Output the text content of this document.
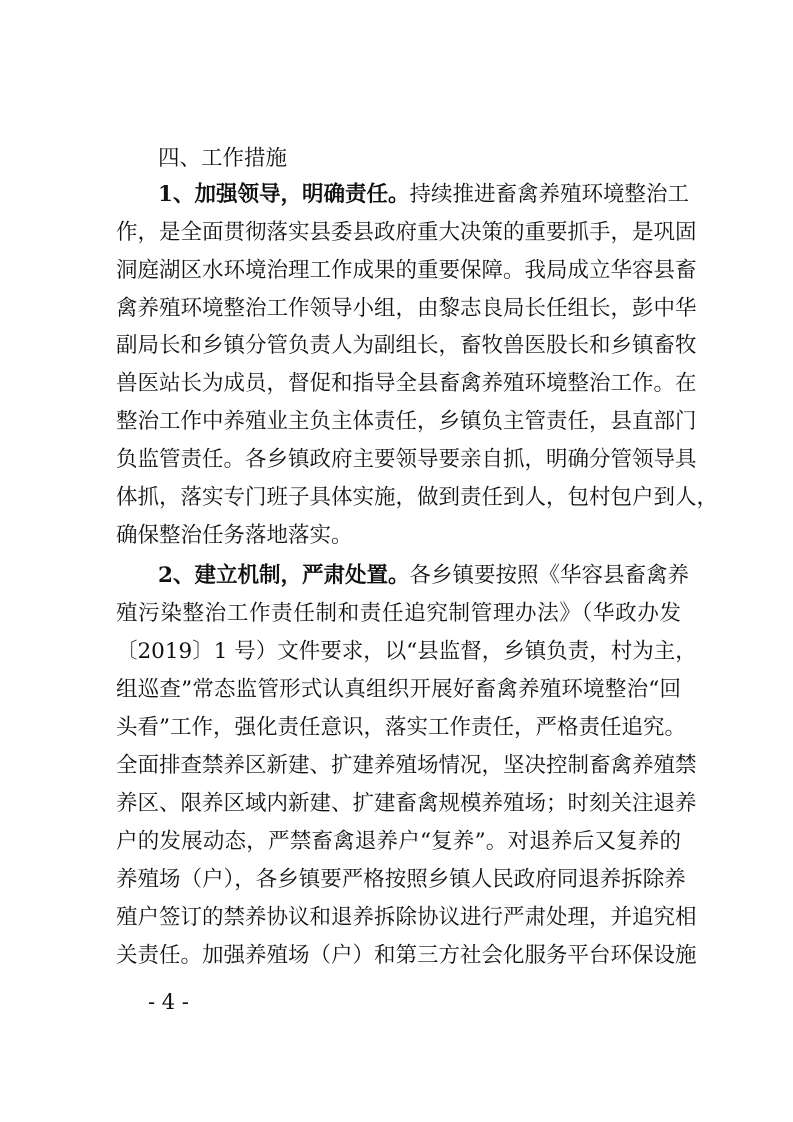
四、工作措施
1、加强领导，明确责任。持续推进畜禽养殖环境整治工
作，是全面贯彻落实县委县政府重大决策的重要抓手，是巩固
洞庭湖区水环境治理工作成果的重要保障。我局成立华容县畜
禽养殖环境整治工作领导小组，由黎志良局长任组长，彭中华
副局长和乡镇分管负责人为副组长，畜牧兽医股长和乡镇畜牧
兽医站长为成员，督促和指导全县畜禽养殖环境整治工作。在
整治工作中养殖业主负主体责任，乡镇负主管责任，县直部门
负监管责任。各乡镇政府主要领导要亲自抓，明确分管领导具
体抓，落实专门班子具体实施，做到责任到人，包村包户到人，
确保整治任务落地落实。
2、建立机制，严肃处置。各乡镇要按照《华容县畜禽养
殖污染整治工作责任制和责任追究制管理办法》（华政办发
〔2019〕1 号）文件要求，以“县监督，乡镇负责，村为主，
组巡查”常态监管形式认真组织开展好畜禽养殖环境整治“回
头看”工作，强化责任意识，落实工作责任，严格责任追究。
全面排查禁养区新建、扩建养殖场情况，坚决控制畜禽养殖禁
养区、限养区域内新建、扩建畜禽规模养殖场；时刻关注退养
户的发展动态，严禁畜禽退养户“复养”。对退养后又复养的
养殖场（户），各乡镇要严格按照乡镇人民政府同退养拆除养
殖户签订的禁养协议和退养拆除协议进行严肃处理，并追究相
关责任。加强养殖场（户）和第三方社会化服务平台环保设施
- 4 -
